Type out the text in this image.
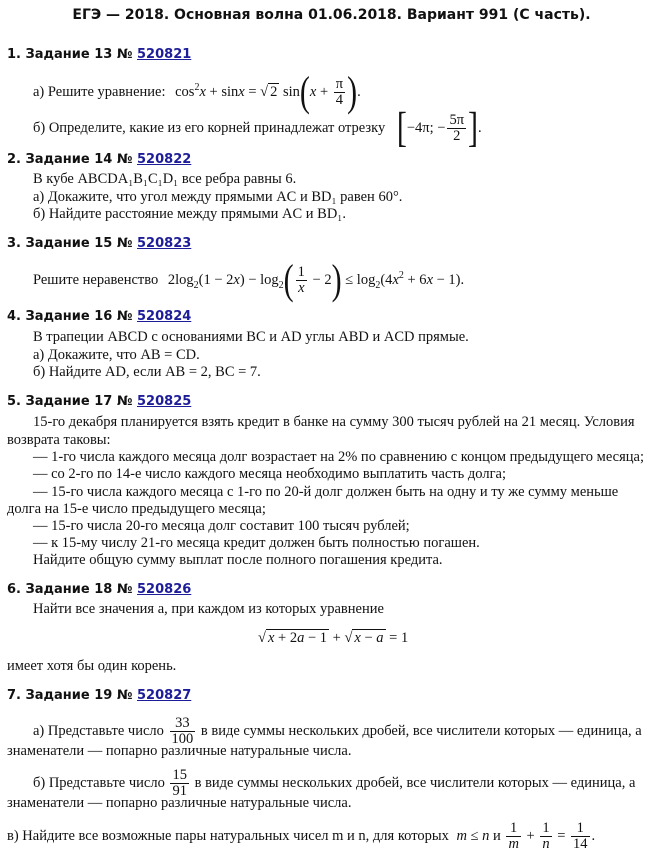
ЕГЭ — 2018. Основная волна 01.06.2018. Вариант 991 (С часть).
1. Задание 13 № 520821
а) Решите уравнение: $\cos^2x + \sin x$ = √ 2 $\sin(x + \frac{\pi}{4}$ ).
б) Определите, какие из его корней принадлежат отрезку [−4π; − $\frac{5\pi}{2}$ ].
2. Задание 14 № 520822
В кубе ABCDA₁B₁C₁D₁ все ребра равны 6.
а) Докажите, что угол между прямыми AC и BD₁ равен 60°.
б) Найдите расстояние между прямыми AC и BD₁.
3. Задание 15 № 520823
Решите неравенство $2\log_2(1 - 2x) - \log_2( \frac{1}{x} - 2) \le \log_2(4x^2 + 6x - 1)$.
4. Задание 16 № 520824
В трапеции ABCD с основаниями BC и AD углы ABD и ACD прямые.
а) Докажите, что AB = CD.
б) Найдите AD, если AB = 2, BC = 7.
5. Задание 17 № 520825
15-го декабря планируется взять кредит в банке на сумму 300 тысяч рублей на 21 месяц. Условия
возврата таковы:
— 1-го числа каждого месяца долг возрастает на 2% по сравнению с концом предыдущего месяца;
— со 2-го по 14-е число каждого месяца необходимо выплатить часть долга;
— 15-го числа каждого месяца с 1-го по 20-й долг должен быть на одну и ту же сумму меньше
долга на 15-е число предыдущего месяца;
— 15-го числа 20-го месяца долг составит 100 тысяч рублей;
— к 15-му числу 21-го месяца кредит должен быть полностью погашен.
Найдите общую сумму выплат после полного погашения кредита.
6. Задание 18 № 520826
Найти все значения a, при каждом из которых уравнение
√ x + 2a − 1 + √ x − a = 1
имеет хотя бы один корень.
7. Задание 19 № 520827
а) Представьте число $\frac{33}{100}$ в виде суммы нескольких дробей, все числители которых — единица, а
знаменатели — попарно различные натуральные числа.
б) Представьте число $\frac{15}{91}$ в виде суммы нескольких дробей, все числители которых — единица, а
знаменатели — попарно различные натуральные числа.
в) Найдите все возможные пары натуральных чисел m и n, для которых m ≤ n и $\frac{1}{m} + \frac{1}{n} = \frac{1}{14}$ .
